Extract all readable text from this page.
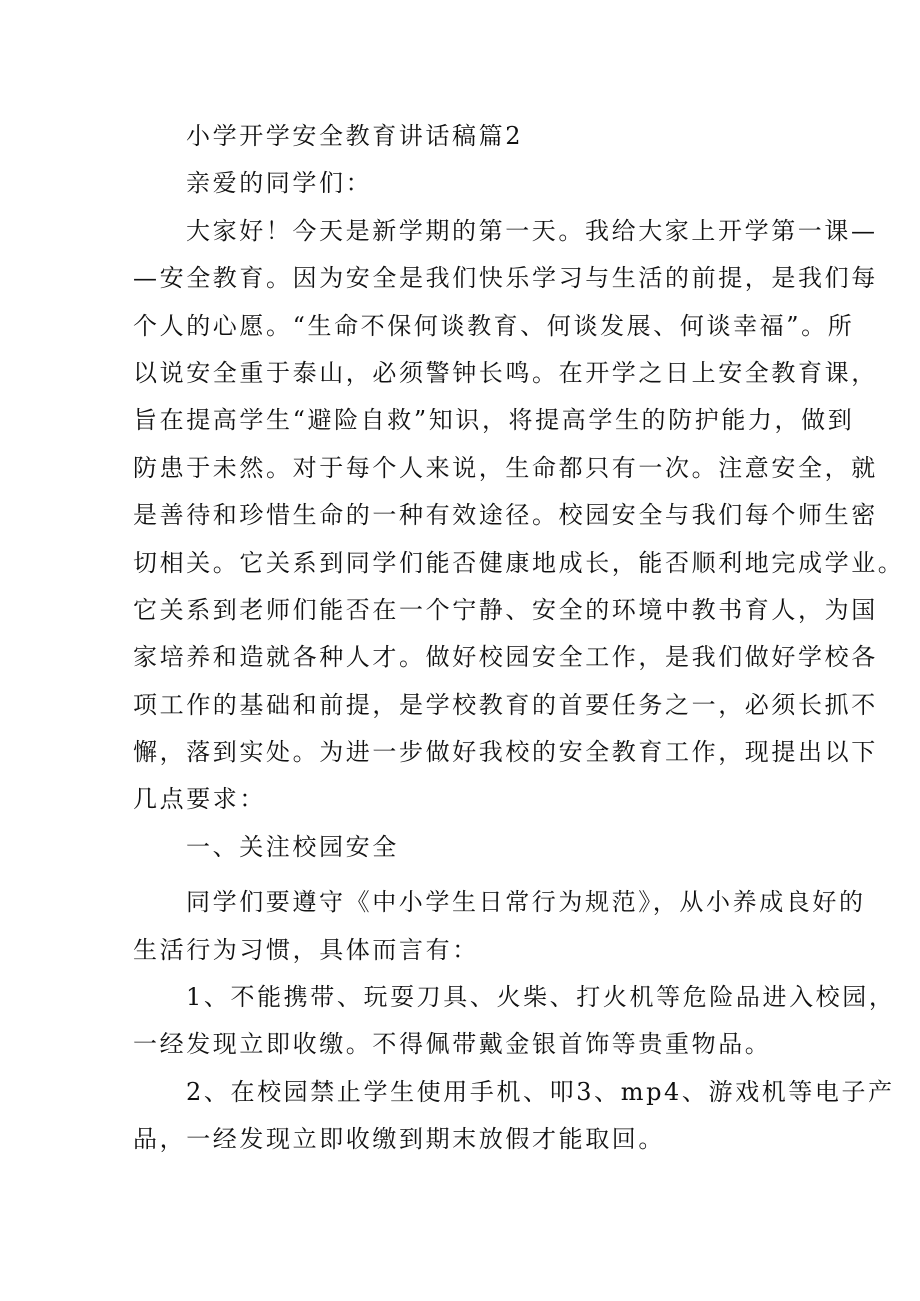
小学开学安全教育讲话稿篇2
亲爱的同学们：
大家好！今天是新学期的第一天。我给大家上开学第一课—
—安全教育。因为安全是我们快乐学习与生活的前提，是我们每
个人的心愿。“生命不保何谈教育、何谈发展、何谈幸福”。所
以说安全重于泰山，必须警钟长鸣。在开学之日上安全教育课，
旨在提高学生“避险自救”知识，将提高学生的防护能力，做到
防患于未然。对于每个人来说，生命都只有一次。注意安全，就
是善待和珍惜生命的一种有效途径。校园安全与我们每个师生密
切相关。它关系到同学们能否健康地成长，能否顺利地完成学业。
它关系到老师们能否在一个宁静、安全的环境中教书育人，为国
家培养和造就各种人才。做好校园安全工作，是我们做好学校各
项工作的基础和前提，是学校教育的首要任务之一，必须长抓不
懈，落到实处。为进一步做好我校的安全教育工作，现提出以下
几点要求：
一、关注校园安全
同学们要遵守《中小学生日常行为规范》，从小养成良好的
生活行为习惯，具体而言有：
1、不能携带、玩耍刀具、火柴、打火机等危险品进入校园，
一经发现立即收缴。不得佩带戴金银首饰等贵重物品。
2、在校园禁止学生使用手机、叩3、mp4、游戏机等电子产
品，一经发现立即收缴到期末放假才能取回。
